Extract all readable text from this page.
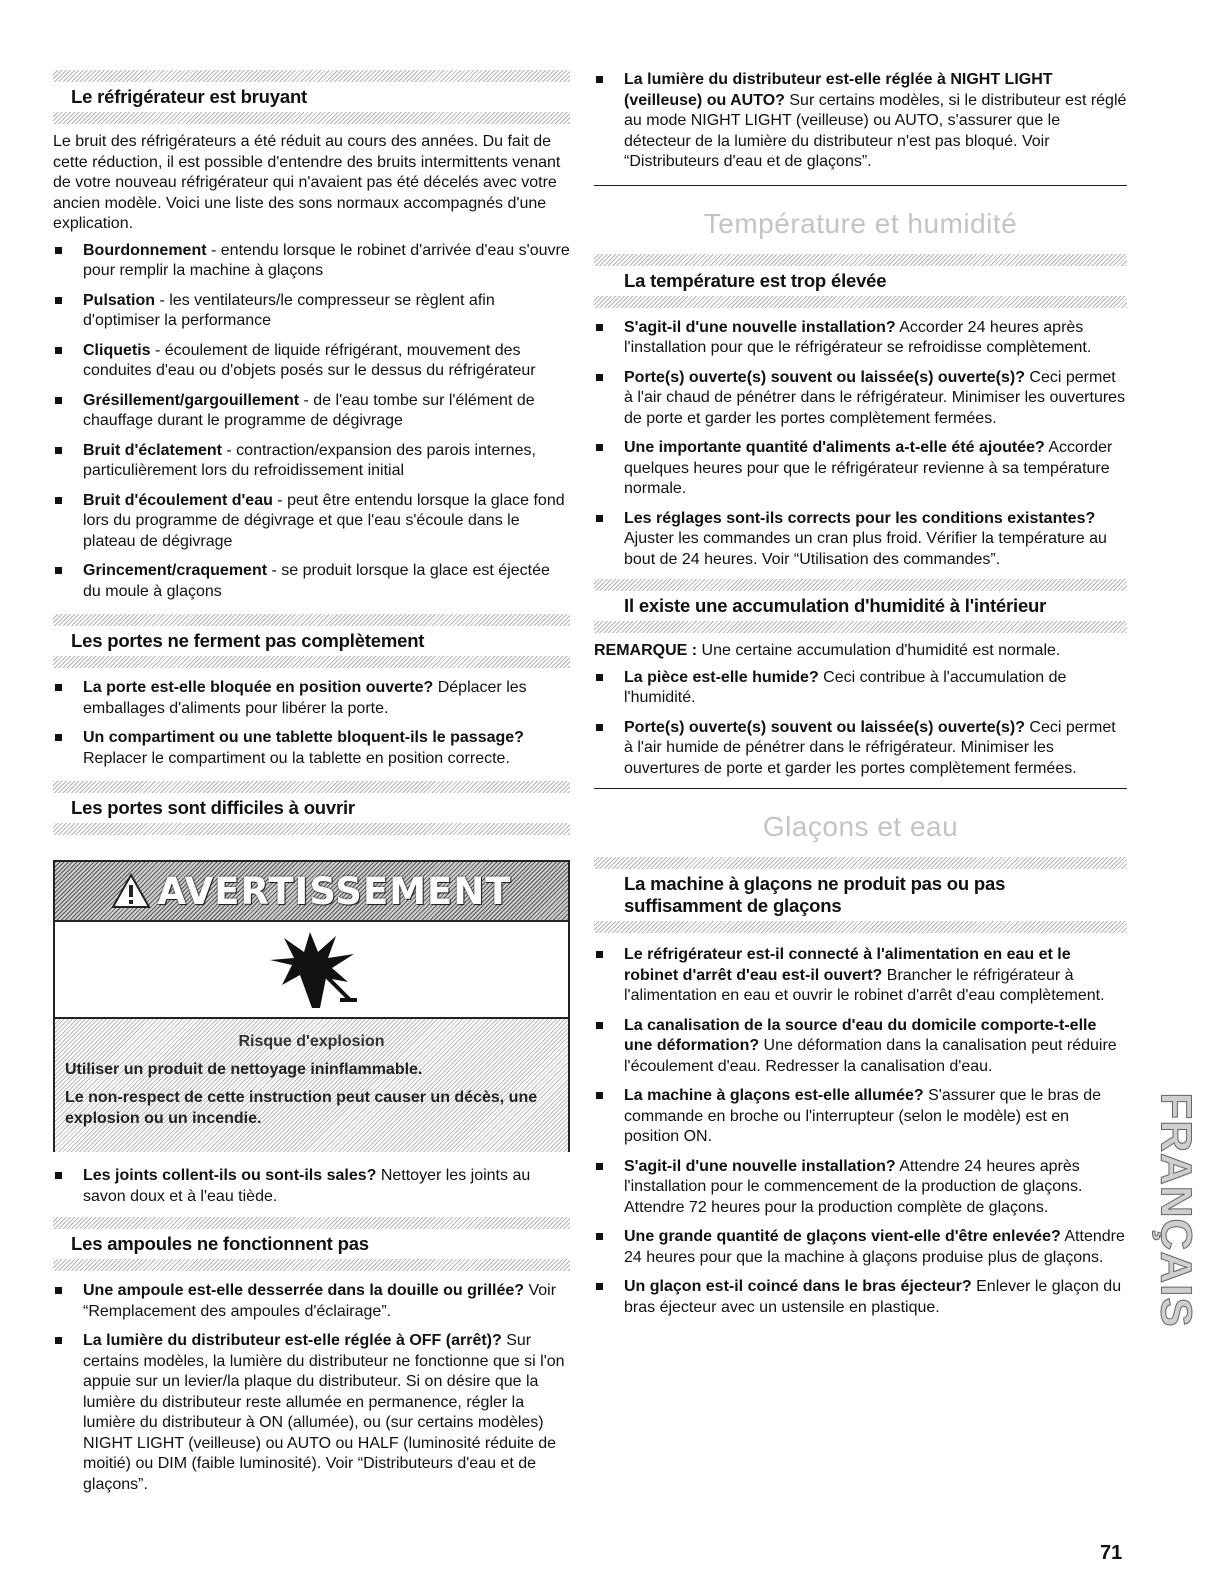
Le réfrigérateur est bruyant

Le bruit des réfrigérateurs a été réduit au cours des années. Du fait de cette réduction, il est possible d'entendre des bruits intermittents venant de votre nouveau réfrigérateur qui n'avaient pas été décelés avec votre ancien modèle. Voici une liste des sons normaux accompagnés d'une explication.

Bourdonnement - entendu lorsque le robinet d'arrivée d'eau s'ouvre pour remplir la machine à glaçons
Pulsation - les ventilateurs/le compresseur se règlent afin d'optimiser la performance
Cliquetis - écoulement de liquide réfrigérant, mouvement des conduites d'eau ou d'objets posés sur le dessus du réfrigérateur
Grésillement/gargouillement - de l'eau tombe sur l'élément de chauffage durant le programme de dégivrage
Bruit d'éclatement - contraction/expansion des parois internes, particulièrement lors du refroidissement initial
Bruit d'écoulement d'eau - peut être entendu lorsque la glace fond lors du programme de dégivrage et que l'eau s'écoule dans le plateau de dégivrage
Grincement/craquement - se produit lorsque la glace est éjectée du moule à glaçons
Les portes ne ferment pas complètement
La porte est-elle bloquée en position ouverte? Déplacer les emballages d'aliments pour libérer la porte.
Un compartiment ou une tablette bloquent-ils le passage? Replacer le compartiment ou la tablette en position correcte.
Les portes sont difficiles à ouvrir
AVERTISSEMENT
Risque d'explosion
Utiliser un produit de nettoyage ininflammable.
Le non-respect de cette instruction peut causer un décès, une explosion ou un incendie.
Les joints collent-ils ou sont-ils sales? Nettoyer les joints au savon doux et à l'eau tiède.
Les ampoules ne fonctionnent pas
Une ampoule est-elle desserrée dans la douille ou grillée? Voir “Remplacement des ampoules d'éclairage”.
La lumière du distributeur est-elle réglée à OFF (arrêt)? Sur certains modèles, la lumière du distributeur ne fonctionne que si l'on appuie sur un levier/la plaque du distributeur. Si on désire que la lumière du distributeur reste allumée en permanence, régler la lumière du distributeur à ON (allumée), ou (sur certains modèles) NIGHT LIGHT (veilleuse) ou AUTO ou HALF (luminosité réduite de moitié) ou DIM (faible luminosité). Voir “Distributeurs d'eau et de glaçons”.
La lumière du distributeur est-elle réglée à NIGHT LIGHT (veilleuse) ou AUTO? Sur certains modèles, si le distributeur est réglé au mode NIGHT LIGHT (veilleuse) ou AUTO, s'assurer que le détecteur de la lumière du distributeur n'est pas bloqué. Voir “Distributeurs d'eau et de glaçons”.
Température et humidité
La température est trop élevée
S'agit-il d'une nouvelle installation? Accorder 24 heures après l'installation pour que le réfrigérateur se refroidisse complètement.
Porte(s) ouverte(s) souvent ou laissée(s) ouverte(s)? Ceci permet à l'air chaud de pénétrer dans le réfrigérateur. Minimiser les ouvertures de porte et garder les portes complètement fermées.
Une importante quantité d'aliments a-t-elle été ajoutée? Accorder quelques heures pour que le réfrigérateur revienne à sa température normale.
Les réglages sont-ils corrects pour les conditions existantes? Ajuster les commandes un cran plus froid. Vérifier la température au bout de 24 heures. Voir “Utilisation des commandes”.
Il existe une accumulation d'humidité à l'intérieur

REMARQUE : Une certaine accumulation d'humidité est normale.

La pièce est-elle humide? Ceci contribue à l'accumulation de l'humidité.
Porte(s) ouverte(s) souvent ou laissée(s) ouverte(s)? Ceci permet à l'air humide de pénétrer dans le réfrigérateur. Minimiser les ouvertures de porte et garder les portes complètement fermées.
Glaçons et eau
La machine à glaçons ne produit pas ou pas suffisamment de glaçons
Le réfrigérateur est-il connecté à l'alimentation en eau et le robinet d'arrêt d'eau est-il ouvert? Brancher le réfrigérateur à l'alimentation en eau et ouvrir le robinet d'arrêt d'eau complètement.
La canalisation de la source d'eau du domicile comporte-t-elle une déformation? Une déformation dans la canalisation peut réduire l'écoulement d'eau. Redresser la canalisation d'eau.
La machine à glaçons est-elle allumée? S'assurer que le bras de commande en broche ou l'interrupteur (selon le modèle) est en position ON.
S'agit-il d'une nouvelle installation? Attendre 24 heures après l'installation pour le commencement de la production de glaçons. Attendre 72 heures pour la production complète de glaçons.
Une grande quantité de glaçons vient-elle d'être enlevée? Attendre 24 heures pour que la machine à glaçons produise plus de glaçons.
Un glaçon est-il coincé dans le bras éjecteur? Enlever le glaçon du bras éjecteur avec un ustensile en plastique.	FRANÇAIS
71
